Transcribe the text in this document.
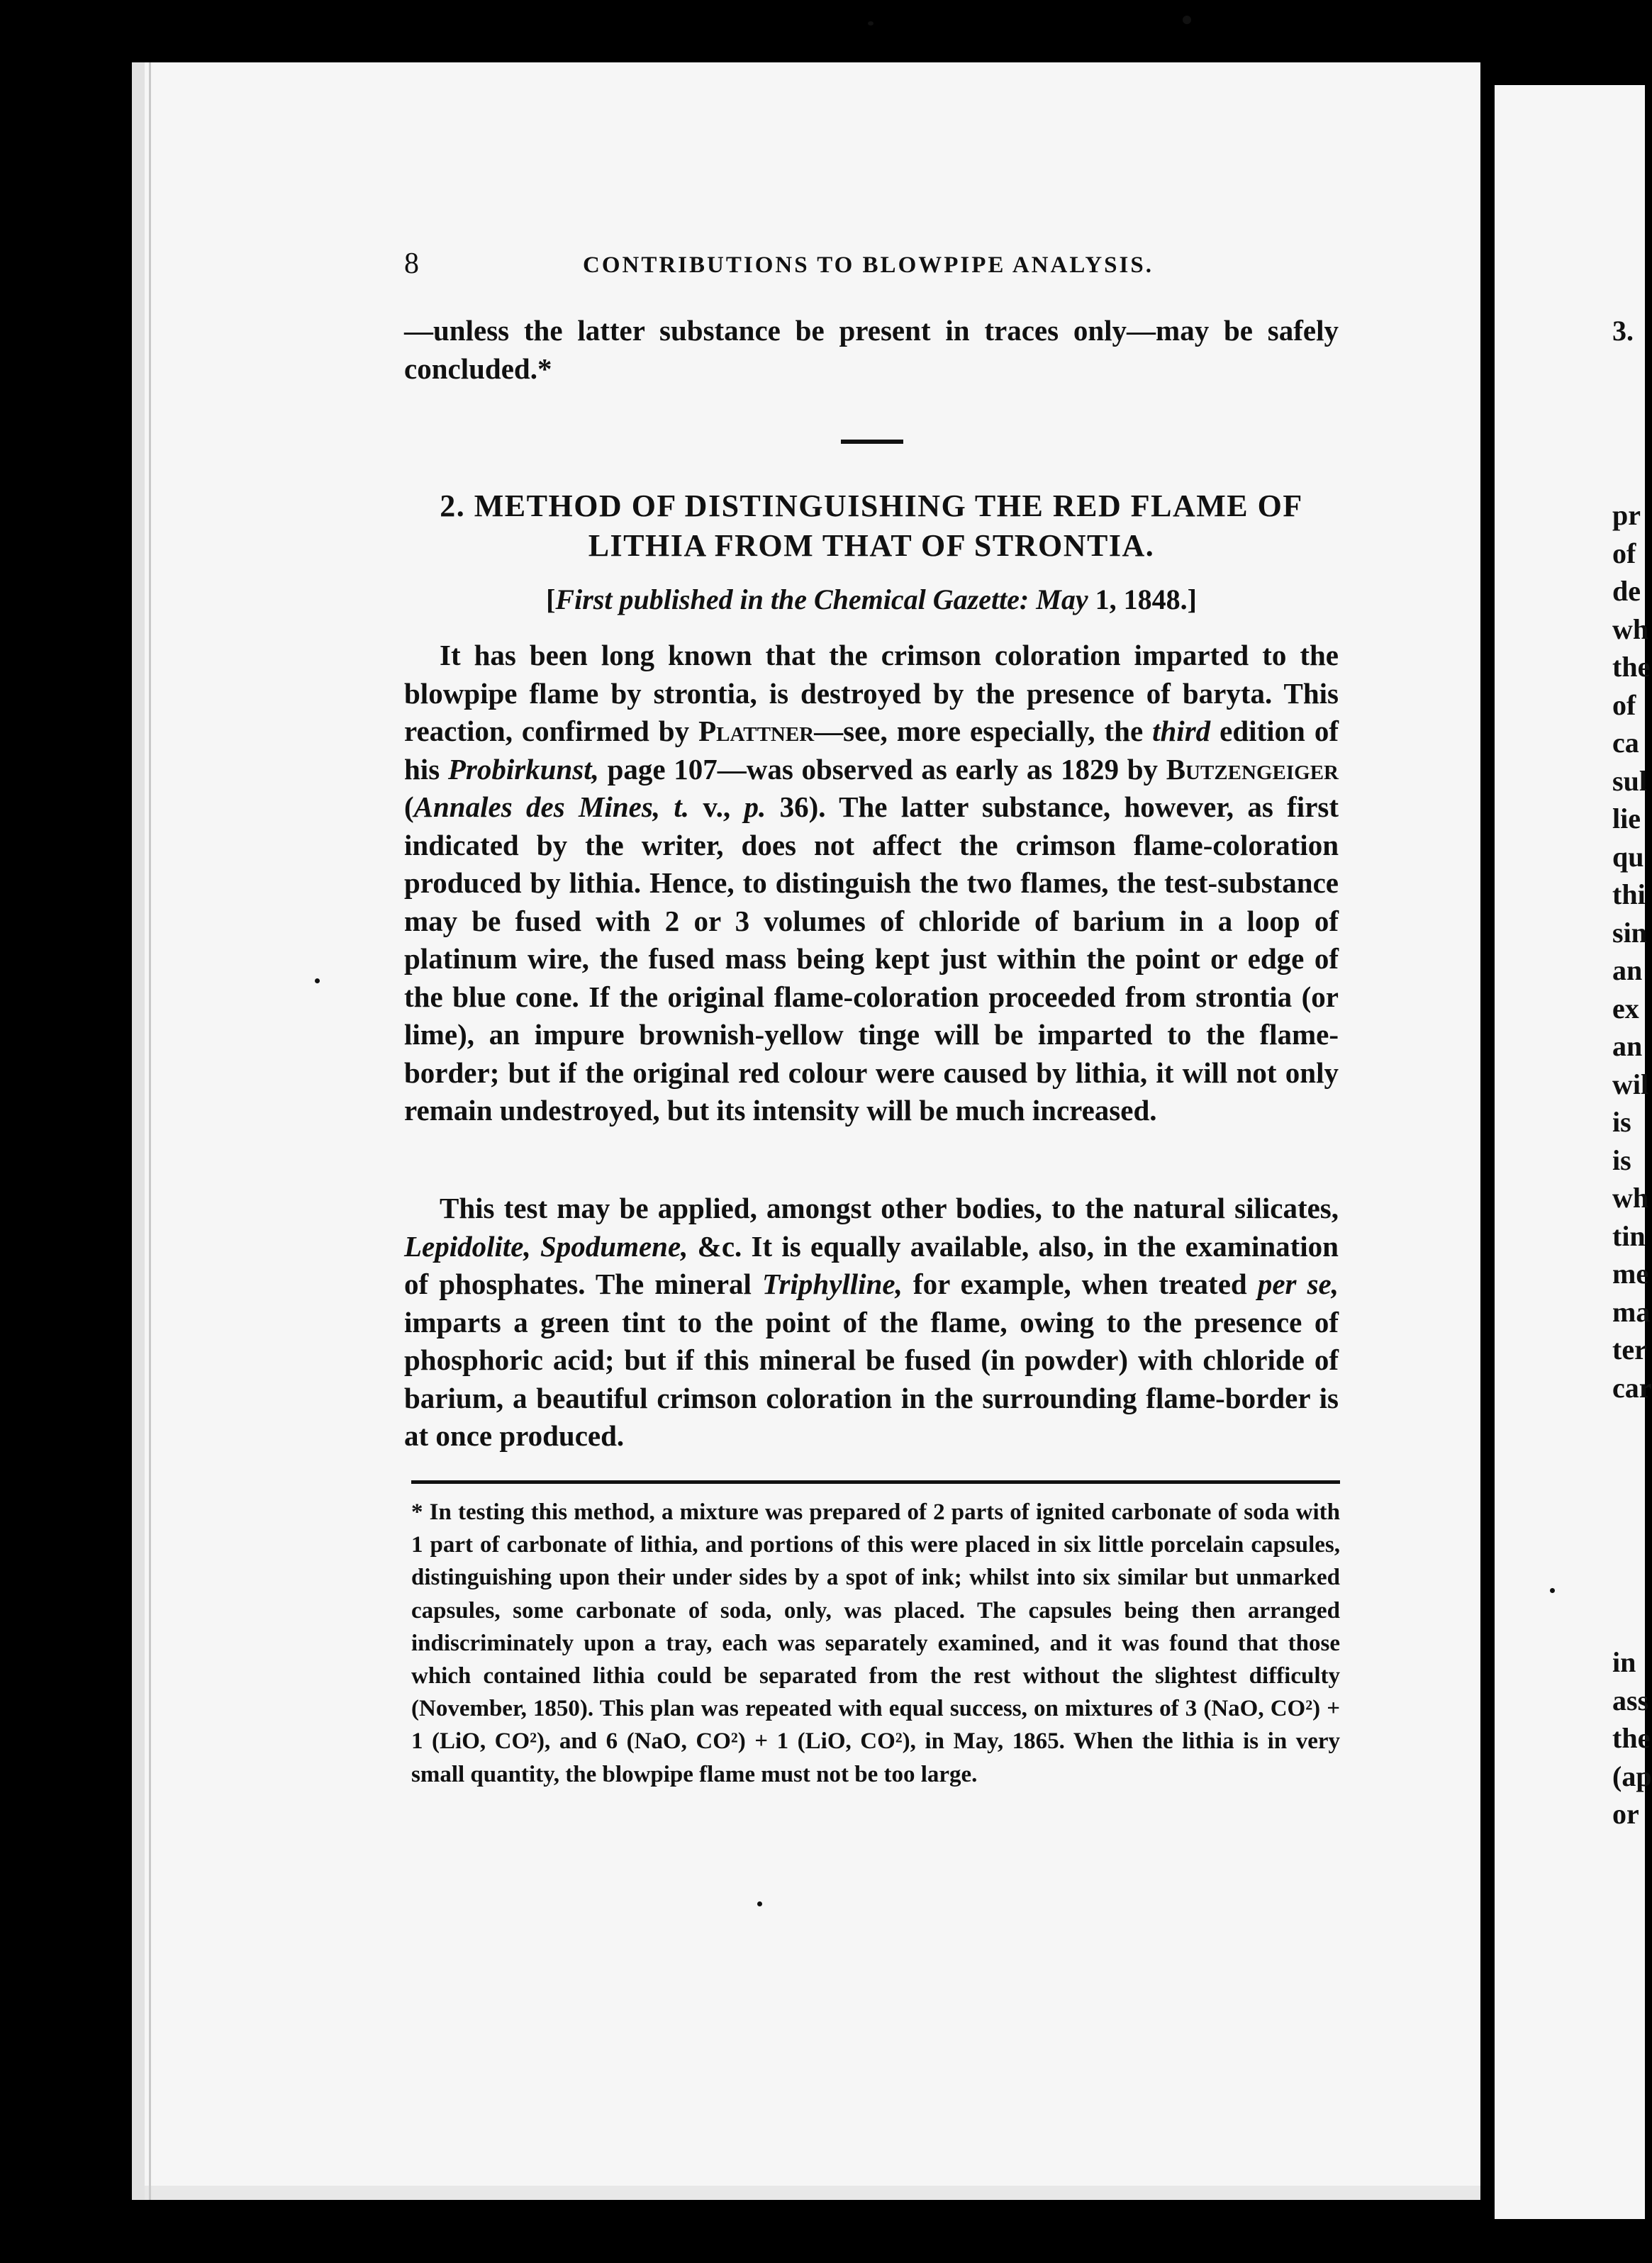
8	CONTRIBUTIONS TO BLOWPIPE ANALYSIS.

—unless the latter substance be present in traces only—may be safely concluded.*

2. METHOD OF DISTINGUISHING THE RED FLAME OF LITHIA FROM THAT OF STRONTIA.

[First published in the Chemical Gazette: May 1, 1848.]

It has been long known that the crimson coloration imparted to the blowpipe flame by strontia, is destroyed by the presence of baryta. This reaction, confirmed by Plattner—see, more especially, the third edition of his Probirkunst, page 107—was observed as early as 1829 by Butzengeiger (Annales des Mines, t. v., p. 36). The latter substance, however, as first indicated by the writer, does not affect the crimson flame-coloration produced by lithia. Hence, to distinguish the two flames, the test-substance may be fused with 2 or 3 volumes of chloride of barium in a loop of platinum wire, the fused mass being kept just within the point or edge of the blue cone. If the original flame-coloration proceeded from strontia (or lime), an impure brownish-yellow tinge will be imparted to the flame-border; but if the original red colour were caused by lithia, it will not only remain undestroyed, but its intensity will be much increased.

This test may be applied, amongst other bodies, to the natural silicates, Lepidolite, Spodumene, &c. It is equally available, also, in the examination of phosphates. The mineral Triphylline, for example, when treated per se, imparts a green tint to the point of the flame, owing to the presence of phosphoric acid; but if this mineral be fused (in powder) with chloride of barium, a beautiful crimson coloration in the surrounding flame-border is at once produced.

* In testing this method, a mixture was prepared of 2 parts of ignited carbonate of soda with 1 part of carbonate of lithia, and portions of this were placed in six little porcelain capsules, distinguishing upon their under sides by a spot of ink; whilst into six similar but unmarked capsules, some carbonate of soda, only, was placed. The capsules being then arranged indiscriminately upon a tray, each was separately examined, and it was found that those which contained lithia could be separated from the rest without the slightest difficulty (November, 1850). This plan was repeated with equal success, on mixtures of 3 (NaO, CO²) + 1 (LiO, CO²), and 6 (NaO, CO²) + 1 (LiO, CO²), in May, 1865. When the lithia is in very small quantity, the blowpipe flame must not be too large.

3.
pr
of
de
wh
the
of
ca
sul
lie
qu
thi
sin
an
ex
an
wil
is
is
wh
tin
me
ma
ter
car
in
ass
the
(ap
or
